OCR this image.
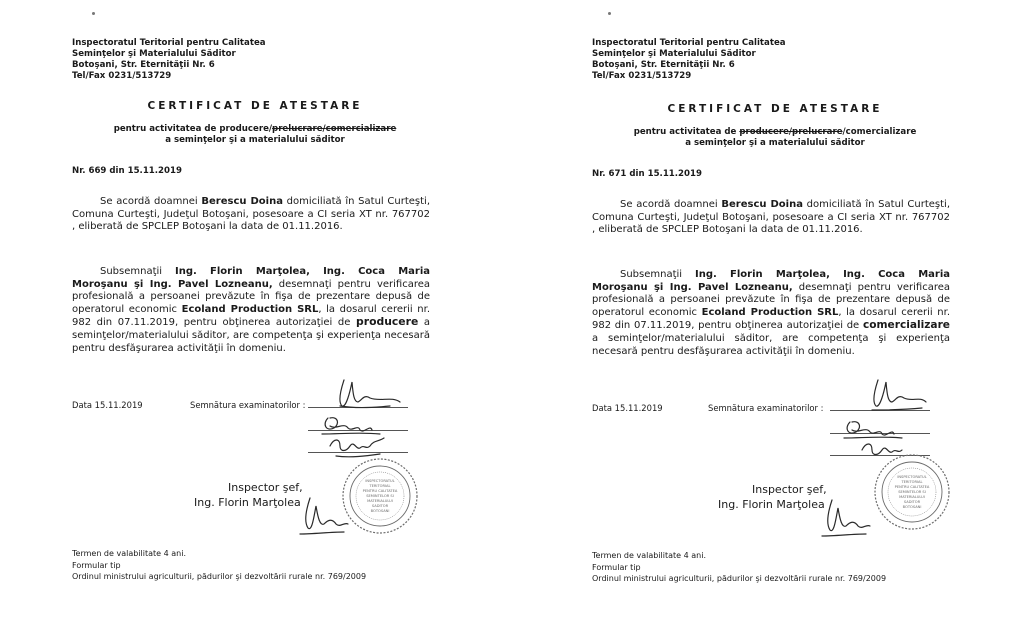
Inspectoratul Teritorial pentru Calitatea
Seminţelor şi Materialului Săditor
Botoşani, Str. Eternităţii Nr. 6
Tel/Fax 0231/513729
CERTIFICAT DE ATESTARE
pentru activitatea de producere/prelucrare/comercializare
a seminţelor şi a materialului săditor
Nr. 669 din 15.11.2019
Se acordă doamnei Berescu Doina domiciliată în Satul Curteşti, Comuna Curteşti, Judeţul Botoşani, posesoare a CI seria XT nr. 767702 , eliberată de SPCLEP Botoşani la data de 01.11.2016.
Subsemnaţii Ing. Florin Marţolea, Ing. Coca Maria Moroşanu şi Ing. Pavel Lozneanu, desemnaţi pentru verificarea profesională a persoanei prevăzute în fişa de prezentare depusă de operatorul economic Ecoland Production SRL, la dosarul cererii nr. 982 din 07.11.2019, pentru obţinerea autorizaţiei de producere a seminţelor/materialului săditor, are competenţa şi experienţa necesară pentru desfăşurarea activităţii în domeniu.
Data 15.11.2019	Semnătura examinatorilor :
Inspector şef,
Ing. Florin Marţolea
INSPECTORATUL
TERITORIAL
PENTRU CALITATEA
SEMINTELOR SI
MATERIALULUI
SADITOR
BOTOSANI
Termen de valabilitate 4 ani.
Formular tip
Ordinul ministrului agriculturii, pădurilor şi dezvoltării rurale nr. 769/2009
Inspectoratul Teritorial pentru Calitatea
Seminţelor şi Materialului Săditor
Botoşani, Str. Eternităţii Nr. 6
Tel/Fax 0231/513729
CERTIFICAT DE ATESTARE
pentru activitatea de producere/prelucrare/comercializare
a seminţelor şi a materialului săditor
Nr. 671 din 15.11.2019
Se acordă doamnei Berescu Doina domiciliată în Satul Curteşti, Comuna Curteşti, Judeţul Botoşani, posesoare a CI seria XT nr. 767702 , eliberată de SPCLEP Botoşani la data de 01.11.2016.
Subsemnaţii Ing. Florin Marţolea, Ing. Coca Maria Moroşanu şi Ing. Pavel Lozneanu, desemnaţi pentru verificarea profesională a persoanei prevăzute în fişa de prezentare depusă de operatorul economic Ecoland Production SRL, la dosarul cererii nr. 982 din 07.11.2019, pentru obţinerea autorizaţiei de comercializare a seminţelor/materialului săditor, are competenţa şi experienţa necesară pentru desfăşurarea activităţii în domeniu.
Data 15.11.2019	Semnătura examinatorilor :
Inspector şef,
Ing. Florin Marţolea
INSPECTORATUL
TERITORIAL
PENTRU CALITATEA
SEMINTELOR SI
MATERIALULUI
SADITOR
BOTOSANI
Termen de valabilitate 4 ani.
Formular tip
Ordinul ministrului agriculturii, pădurilor şi dezvoltării rurale nr. 769/2009
